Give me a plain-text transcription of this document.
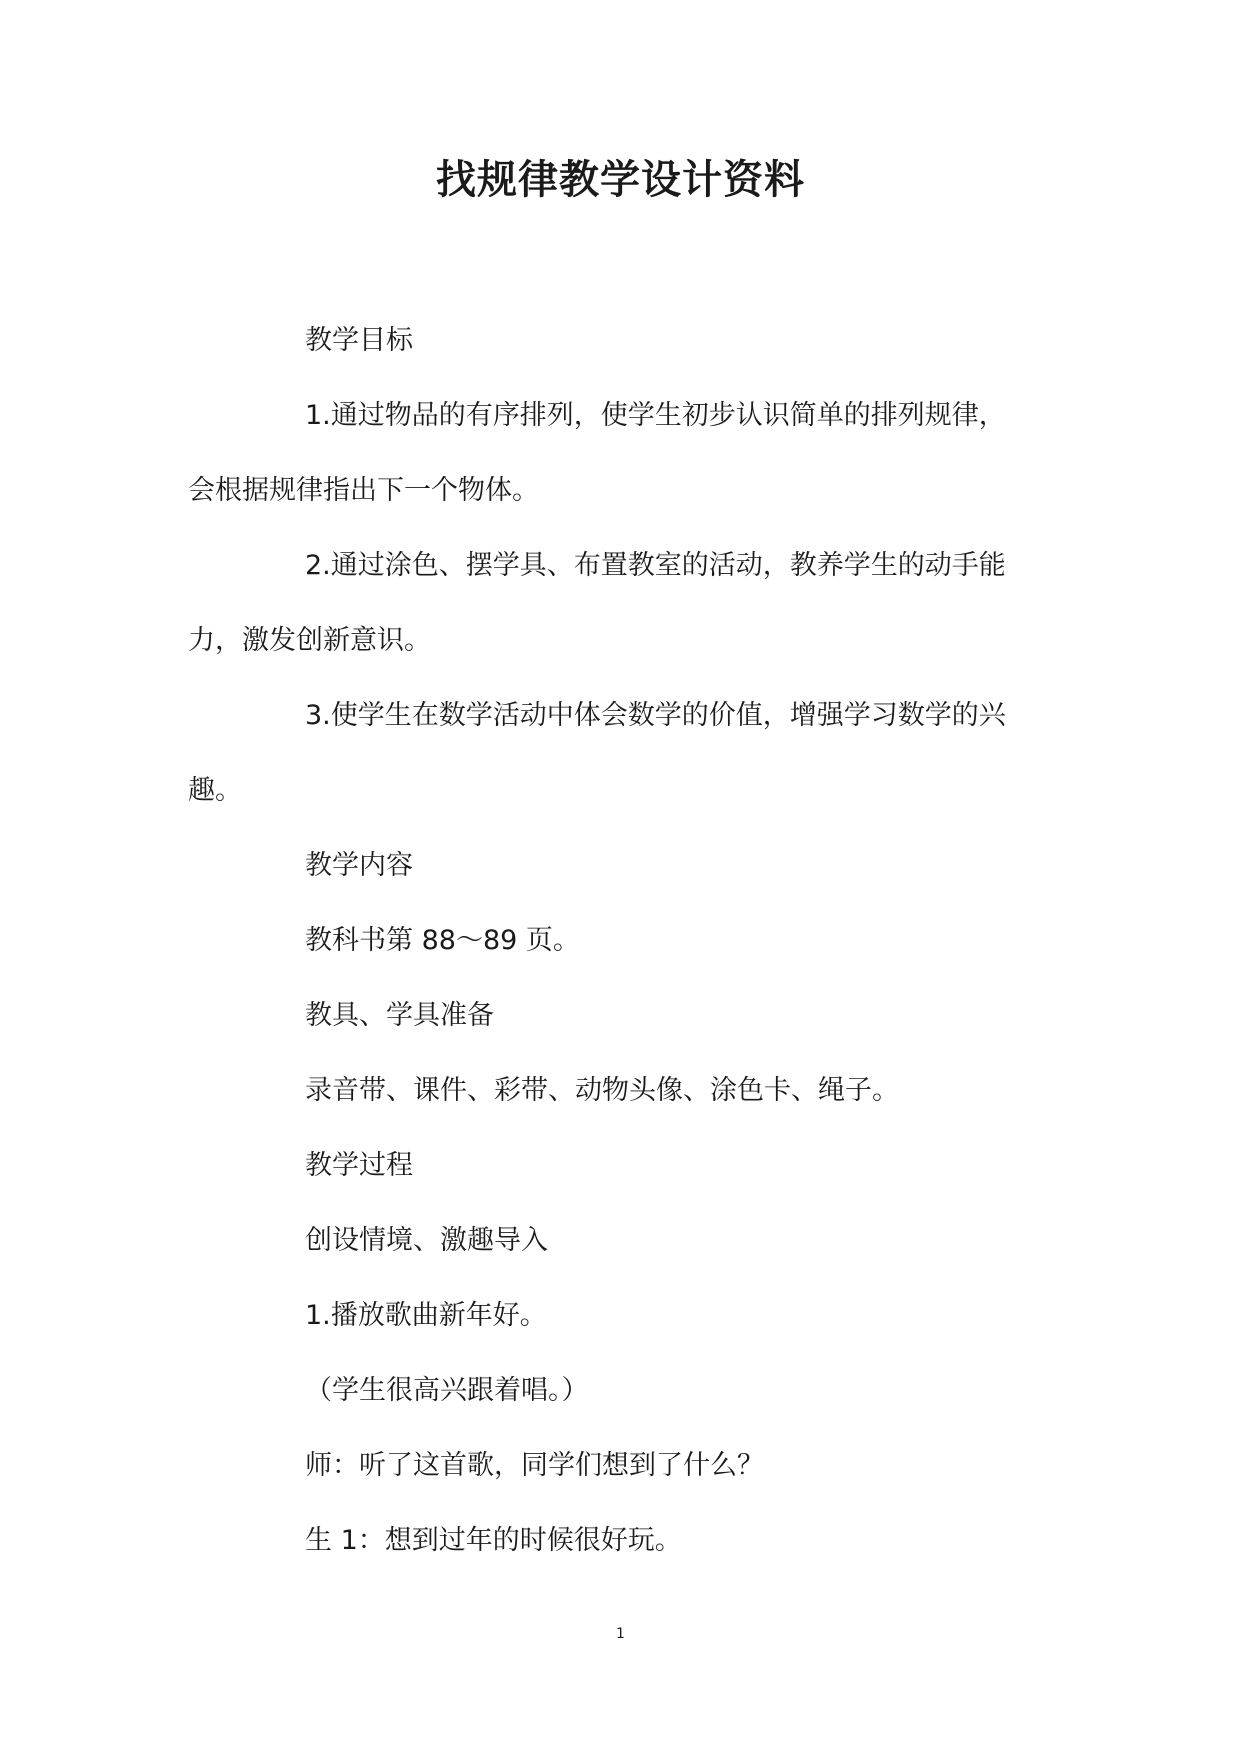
找规律教学设计资料

教学目标

1.通过物品的有序排列，使学生初步认识简单的排列规律，
会根据规律指出下一个物体。

2.通过涂色、摆学具、布置教室的活动，教养学生的动手能
力，激发创新意识。

3.使学生在数学活动中体会数学的价值，增强学习数学的兴
趣。

教学内容

教科书第 88～89 页。

教具、学具准备

录音带、课件、彩带、动物头像、涂色卡、绳子。

教学过程

创设情境、激趣导入

1.播放歌曲新年好。

（学生很高兴跟着唱。）

师：听了这首歌，同学们想到了什么？

生 1：想到过年的时候很好玩。

1
